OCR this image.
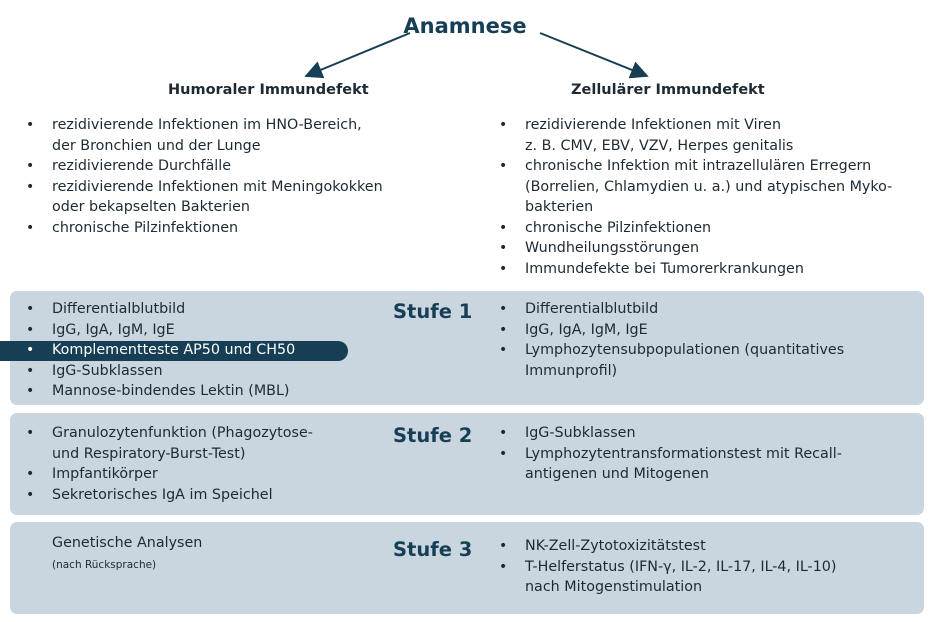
Anamnese
Humoraler Immundefekt	Zellulärer Immundefekt
• rezidivierende Infektionen im HNO-Bereich,
der Bronchien und der Lunge
• rezidivierende Durchfälle
• rezidivierende Infektionen mit Meningokokken
oder bekapselten Bakterien
• chronische Pilzinfektionen
• rezidivierende Infektionen mit Viren
z. B. CMV, EBV, VZV, Herpes genitalis
• chronische Infektion mit intrazellulären Erregern
(Borrelien, Chlamydien u. a.) und atypischen Myko-
bakterien
• chronische Pilzinfektionen
• Wundheilungsstörungen
• Immundefekte bei Tumorerkrankungen
Stufe 1
Stufe 2
Stufe 3
• Differentialblutbild
• IgG, IgA, IgM, IgE
• Komplementteste AP50 und CH50
• IgG-Subklassen
• Mannose-bindendes Lektin (MBL)
• Differentialblutbild
• IgG, IgA, IgM, IgE
• Lymphozytensubpopulationen (quantitatives
Immunprofil)
• Granulozytenfunktion (Phagozytose-
und Respiratory-Burst-Test)
• Impfantikörper
• Sekretorisches IgA im Speichel
• IgG-Subklassen
• Lymphozytentransformationstest mit Recall-
antigenen und Mitogenen
Genetische Analysen
(nach Rücksprache)
• NK-Zell-Zytotoxizitätstest
• T-Helferstatus (IFN-γ, IL-2, IL-17, IL-4, IL-10)
nach Mitogenstimulation
